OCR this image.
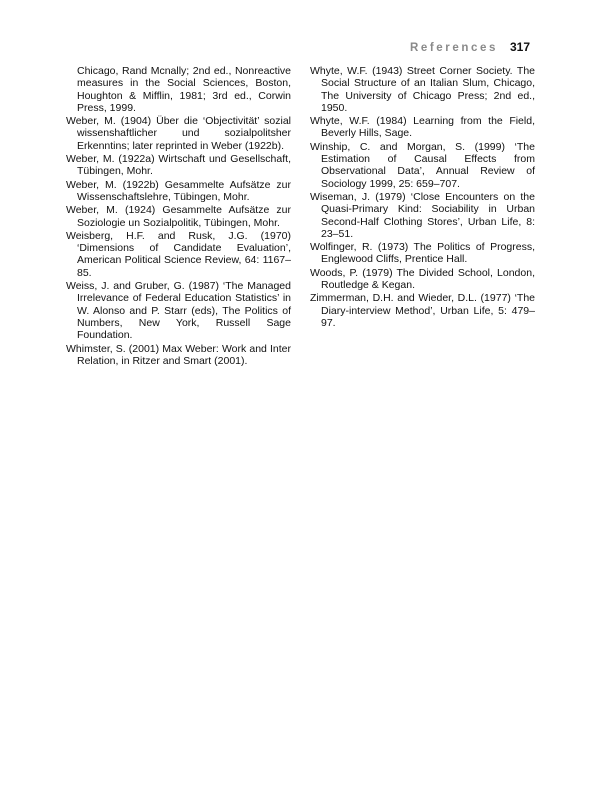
References 317

Chicago, Rand Mcnally; 2nd ed., Nonreactive measures in the Social Sciences, Boston, Houghton & Mifflin, 1981; 3rd ed., Corwin Press, 1999.

Weber, M. (1904) Über die ‘Objectivität’ sozial wissenshaftlicher und sozialpolitsher Erkenntins; later reprinted in Weber (1922b).

Weber, M. (1922a) Wirtschaft und Gesellschaft, Tübingen, Mohr.

Weber, M. (1922b) Gesammelte Aufsätze zur Wissenschaftslehre, Tübingen, Mohr.

Weber, M. (1924) Gesammelte Aufsätze zur Soziologie un Sozialpolitik, Tübingen, Mohr.

Weisberg, H.F. and Rusk, J.G. (1970) ‘Dimensions of Candidate Evaluation’, American Political Science Review, 64: 1167–85.

Weiss, J. and Gruber, G. (1987) ‘The Managed Irrelevance of Federal Education Statistics’ in W. Alonso and P. Starr (eds), The Politics of Numbers, New York, Russell Sage Foundation.

Whimster, S. (2001) Max Weber: Work and Inter Relation, in Ritzer and Smart (2001).

Whyte, W.F. (1943) Street Corner Society. The Social Structure of an Italian Slum, Chicago, The University of Chicago Press; 2nd ed., 1950.

Whyte, W.F. (1984) Learning from the Field, Beverly Hills, Sage.

Winship, C. and Morgan, S. (1999) ‘The Estimation of Causal Effects from Observational Data’, Annual Review of Sociology 1999, 25: 659–707.

Wiseman, J. (1979) ‘Close Encounters on the Quasi-Primary Kind: Sociability in Urban Second-Half Clothing Stores’, Urban Life, 8: 23–51.

Wolfinger, R. (1973) The Politics of Progress, Englewood Cliffs, Prentice Hall.

Woods, P. (1979) The Divided School, London, Routledge & Kegan.

Zimmerman, D.H. and Wieder, D.L. (1977) ‘The Diary-interview Method’, Urban Life, 5: 479–97.
